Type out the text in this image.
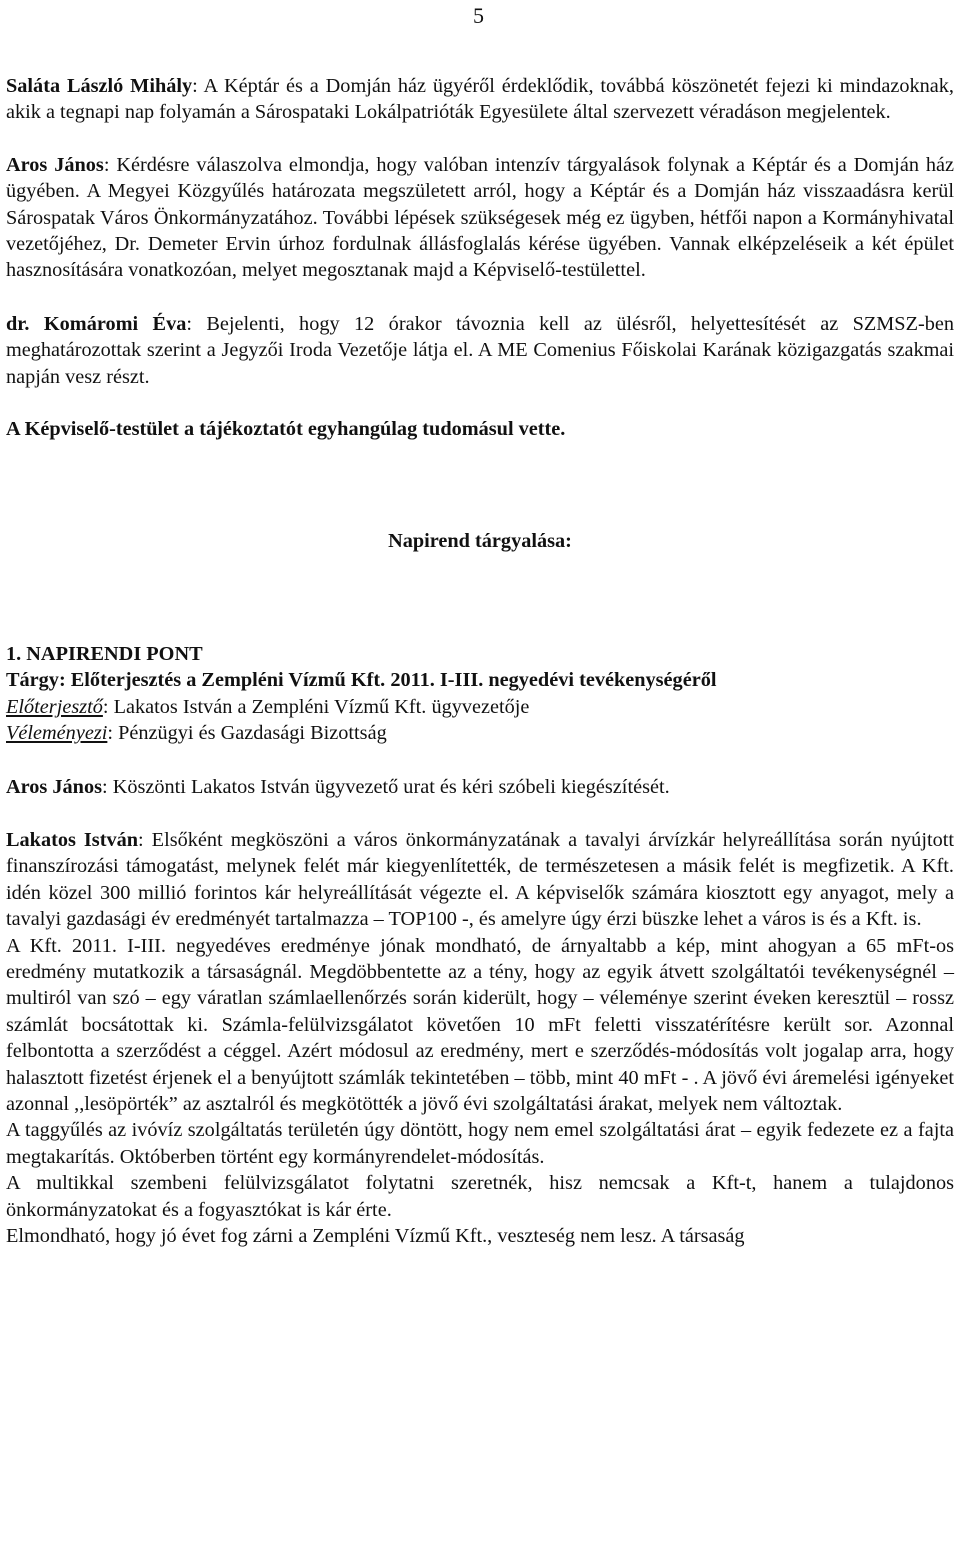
5

Saláta László Mihály: A Képtár és a Domján ház ügyéről érdeklődik, továbbá köszönetét fejezi ki mindazoknak, akik a tegnapi nap folyamán a Sárospataki Lokálpatrióták Egyesülete által szervezett véradáson megjelentek.

Aros János: Kérdésre válaszolva elmondja, hogy valóban intenzív tárgyalások folynak a Képtár és a Domján ház ügyében. A Megyei Közgyűlés határozata megszületett arról, hogy a Képtár és a Domján ház visszaadásra kerül Sárospatak Város Önkormányzatához. További lépések szükségesek még ez ügyben, hétfői napon a Kormányhivatal vezetőjéhez, Dr. Demeter Ervin úrhoz fordulnak állásfoglalás kérése ügyében. Vannak elképzeléseik a két épület hasznosítására vonatkozóan, melyet megosztanak majd a Képviselő-testülettel.

dr. Komáromi Éva: Bejelenti, hogy 12 órakor távoznia kell az ülésről, helyettesítését az SZMSZ-ben meghatározottak szerint a Jegyzői Iroda Vezetője látja el. A ME Comenius Főiskolai Karának közigazgatás szakmai napján vesz részt.

A Képviselő-testület a tájékoztatót egyhangúlag tudomásul vette.

Napirend tárgyalása:

1. NAPIRENDI PONT

Tárgy: Előterjesztés a Zempléni Vízmű Kft. 2011. I-III. negyedévi tevékenységéről

Előterjesztő: Lakatos István a Zempléni Vízmű Kft. ügyvezetője

Véleményezi: Pénzügyi és Gazdasági Bizottság

Aros János: Köszönti Lakatos István ügyvezető urat és kéri szóbeli kiegészítését.

Lakatos István: Elsőként megköszöni a város önkormányzatának a tavalyi árvízkár helyreállítása során nyújtott finanszírozási támogatást, melynek felét már kiegyenlítették, de természetesen a másik felét is megfizetik. A Kft. idén közel 300 millió forintos kár helyreállítását végezte el. A képviselők számára kiosztott egy anyagot, mely a tavalyi gazdasági év eredményét tartalmazza – TOP100 -, és amelyre úgy érzi büszke lehet a város is és a Kft. is.

A Kft. 2011. I-III. negyedéves eredménye jónak mondható, de árnyaltabb a kép, mint ahogyan a 65 mFt-os eredmény mutatkozik a társaságnál. Megdöbbentette az a tény, hogy az egyik átvett szolgáltatói tevékenységnél – multiról van szó – egy váratlan számlaellenőrzés során kiderült, hogy – véleménye szerint éveken keresztül – rossz számlát bocsátottak ki. Számla-felülvizsgálatot követően 10 mFt feletti visszatérítésre került sor. Azonnal felbontotta a szerződést a céggel. Azért módosul az eredmény, mert e szerződés-módosítás volt jogalap arra, hogy halasztott fizetést érjenek el a benyújtott számlák tekintetében – több, mint 40 mFt - . A jövő évi áremelési igényeket azonnal ,,lesöpörték” az asztalról és megkötötték a jövő évi szolgáltatási árakat, melyek nem változtak.

A taggyűlés az ivóvíz szolgáltatás területén úgy döntött, hogy nem emel szolgáltatási árat – egyik fedezete ez a fajta megtakarítás. Októberben történt egy kormányrendelet-módosítás.

A multikkal szembeni felülvizsgálatot folytatni szeretnék, hisz nemcsak a Kft-t, hanem a tulajdonos önkormányzatokat és a fogyasztókat is kár érte.

Elmondható, hogy jó évet fog zárni a Zempléni Vízmű Kft., veszteség nem lesz. A társaság
